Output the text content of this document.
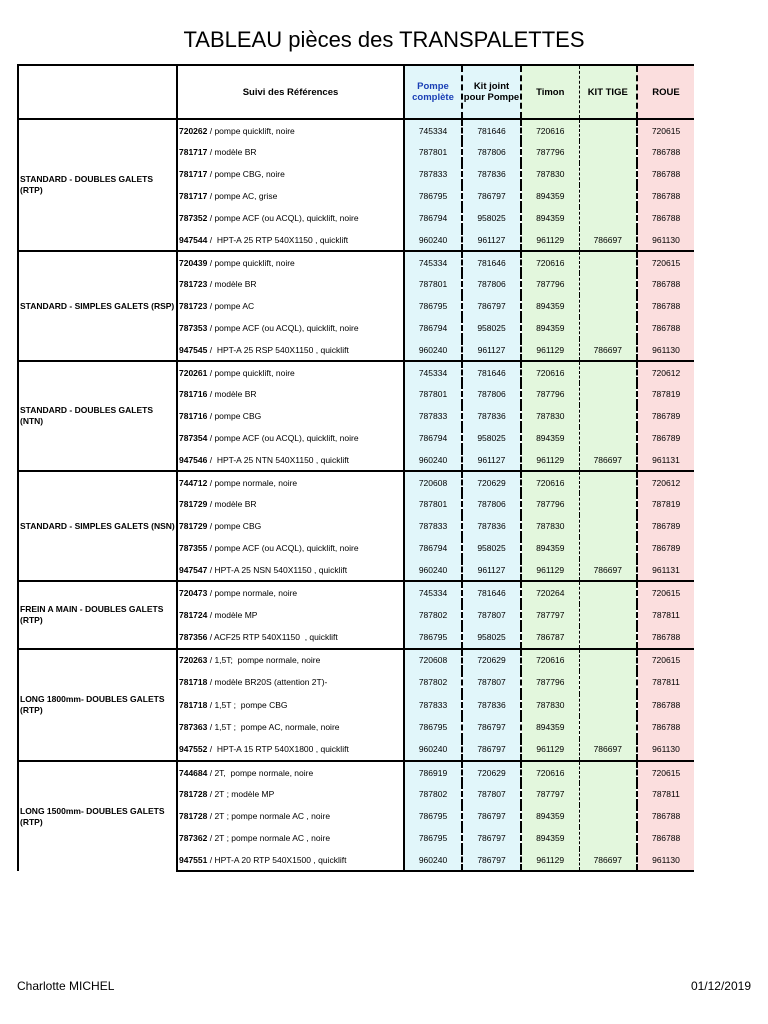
TABLEAU pièces des TRANSPALETTES
	Suivi des Références	Pompe complète	Kit joint pour Pompe	Timon	KIT TIGE	ROUE
STANDARD - DOUBLES GALETS (RTP)	720262 / pompe quicklift, noire	745334	781646	720616		720615
	781717 / modèle BR	787801	787806	787796		786788
	781717 / pompe CBG, noire	787833	787836	787830		786788
	781717 / pompe AC, grise	786795	786797	894359		786788
	787352 / pompe ACF (ou ACQL), quicklift, noire	786794	958025	894359		786788
	947544 /  HPT-A 25 RTP 540X1150 , quicklift	960240	961127	961129	786697	961130
STANDARD - SIMPLES GALETS (RSP)	720439 / pompe quicklift, noire	745334	781646	720616		720615
	781723 / modèle BR	787801	787806	787796		786788
	781723 / pompe AC	786795	786797	894359		786788
	787353 / pompe ACF (ou ACQL), quicklift, noire	786794	958025	894359		786788
	947545 /  HPT-A 25 RSP 540X1150 , quicklift	960240	961127	961129	786697	961130
STANDARD - DOUBLES GALETS (NTN)	720261 / pompe quicklift, noire	745334	781646	720616		720612
	781716 / modèle BR	787801	787806	787796		787819
	781716 / pompe CBG	787833	787836	787830		786789
	787354 / pompe ACF (ou ACQL), quicklift, noire	786794	958025	894359		786789
	947546 /  HPT-A 25 NTN 540X1150 , quicklift	960240	961127	961129	786697	961131
STANDARD - SIMPLES GALETS (NSN)	744712 / pompe normale, noire	720608	720629	720616		720612
	781729 / modèle BR	787801	787806	787796		787819
	781729 / pompe CBG	787833	787836	787830		786789
	787355 / pompe ACF (ou ACQL), quicklift, noire	786794	958025	894359		786789
	947547 / HPT-A 25 NSN 540X1150 , quicklift	960240	961127	961129	786697	961131
FREIN A MAIN - DOUBLES GALETS (RTP)	720473 / pompe normale, noire	745334	781646	720264		720615
	781724 / modèle MP	787802	787807	787797		787811
	787356 / ACF25 RTP 540X1150  , quicklift	786795	958025	786787		786788
LONG 1800mm- DOUBLES GALETS (RTP)	720263 / 1,5T;  pompe normale, noire	720608	720629	720616		720615
	781718 / modèle BR20S (attention 2T)-	787802	787807	787796		787811
	781718 / 1,5T ;  pompe CBG	787833	787836	787830		786788
	787363 / 1,5T ;  pompe AC, normale, noire	786795	786797	894359		786788
	947552 /  HPT-A 15 RTP 540X1800 , quicklift	960240	786797	961129	786697	961130
LONG 1500mm- DOUBLES GALETS (RTP)	744684 / 2T,  pompe normale, noire	786919	720629	720616		720615
	781728 / 2T ; modèle MP	787802	787807	787797		787811
	781728 / 2T ; pompe normale AC , noire	786795	786797	894359		786788
	787362 / 2T ; pompe normale AC , noire	786795	786797	894359		786788
	947551 / HPT-A 20 RTP 540X1500 , quicklift	960240	786797	961129	786697	961130
Charlotte MICHEL	01/12/2019
